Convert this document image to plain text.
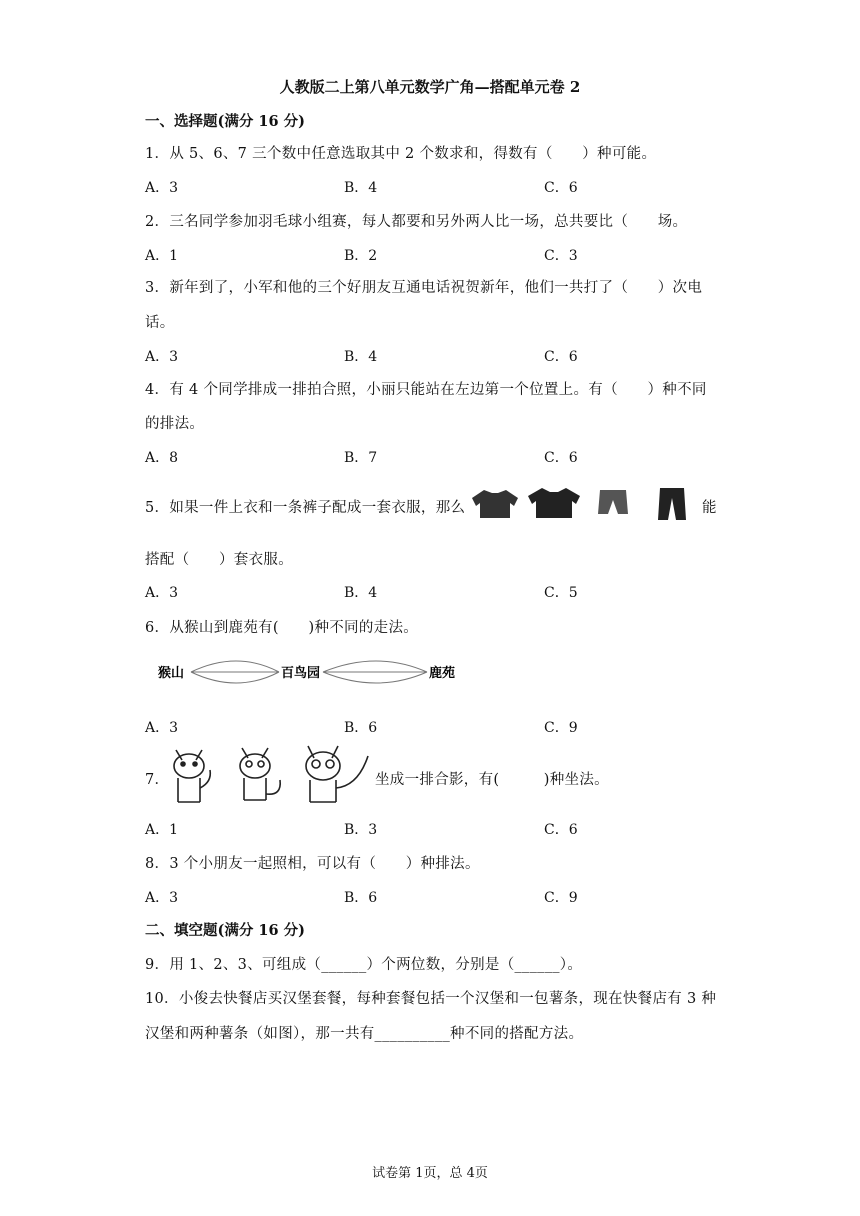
人教版二上第八单元数学广角—搭配单元卷 2
一、选择题(满分 16 分)
1．从 5、6、7 三个数中任意选取其中 2 个数求和，得数有（　　）种可能。
A．3	B．4	C．6
2．三名同学参加羽毛球小组赛，每人都要和另外两人比一场，总共要比（　　场。
A．1	B．2	C．3
3．新年到了，小军和他的三个好朋友互通电话祝贺新年，他们一共打了（　　）次电
话。
A．3	B．4	C．6
4．有 4 个同学排成一排拍合照，小丽只能站在左边第一个位置上。有（　　）种不同
的排法。
A．8	B．7	C．6
5．如果一件上衣和一条裤子配成一套衣服，那么	能
搭配（　　）套衣服。
A．3	B．4	C．5
6．从猴山到鹿苑有(　　)种不同的走法。
猴山	百鸟园	鹿苑
A．3	B．6	C．9
7．	坐成一排合影，有(　　　)种坐法。
A．1	B．3	C．6
8．3 个小朋友一起照相，可以有（　　）种排法。
A．3	B．6	C．9
二、填空题(满分 16 分)
9．用 1、2、3、可组成（______）个两位数，分别是（______）。
10．小俊去快餐店买汉堡套餐，每种套餐包括一个汉堡和一包薯条，现在快餐店有 3 种
汉堡和两种薯条（如图），那一共有__________种不同的搭配方法。
试卷第 1页，总 4页
